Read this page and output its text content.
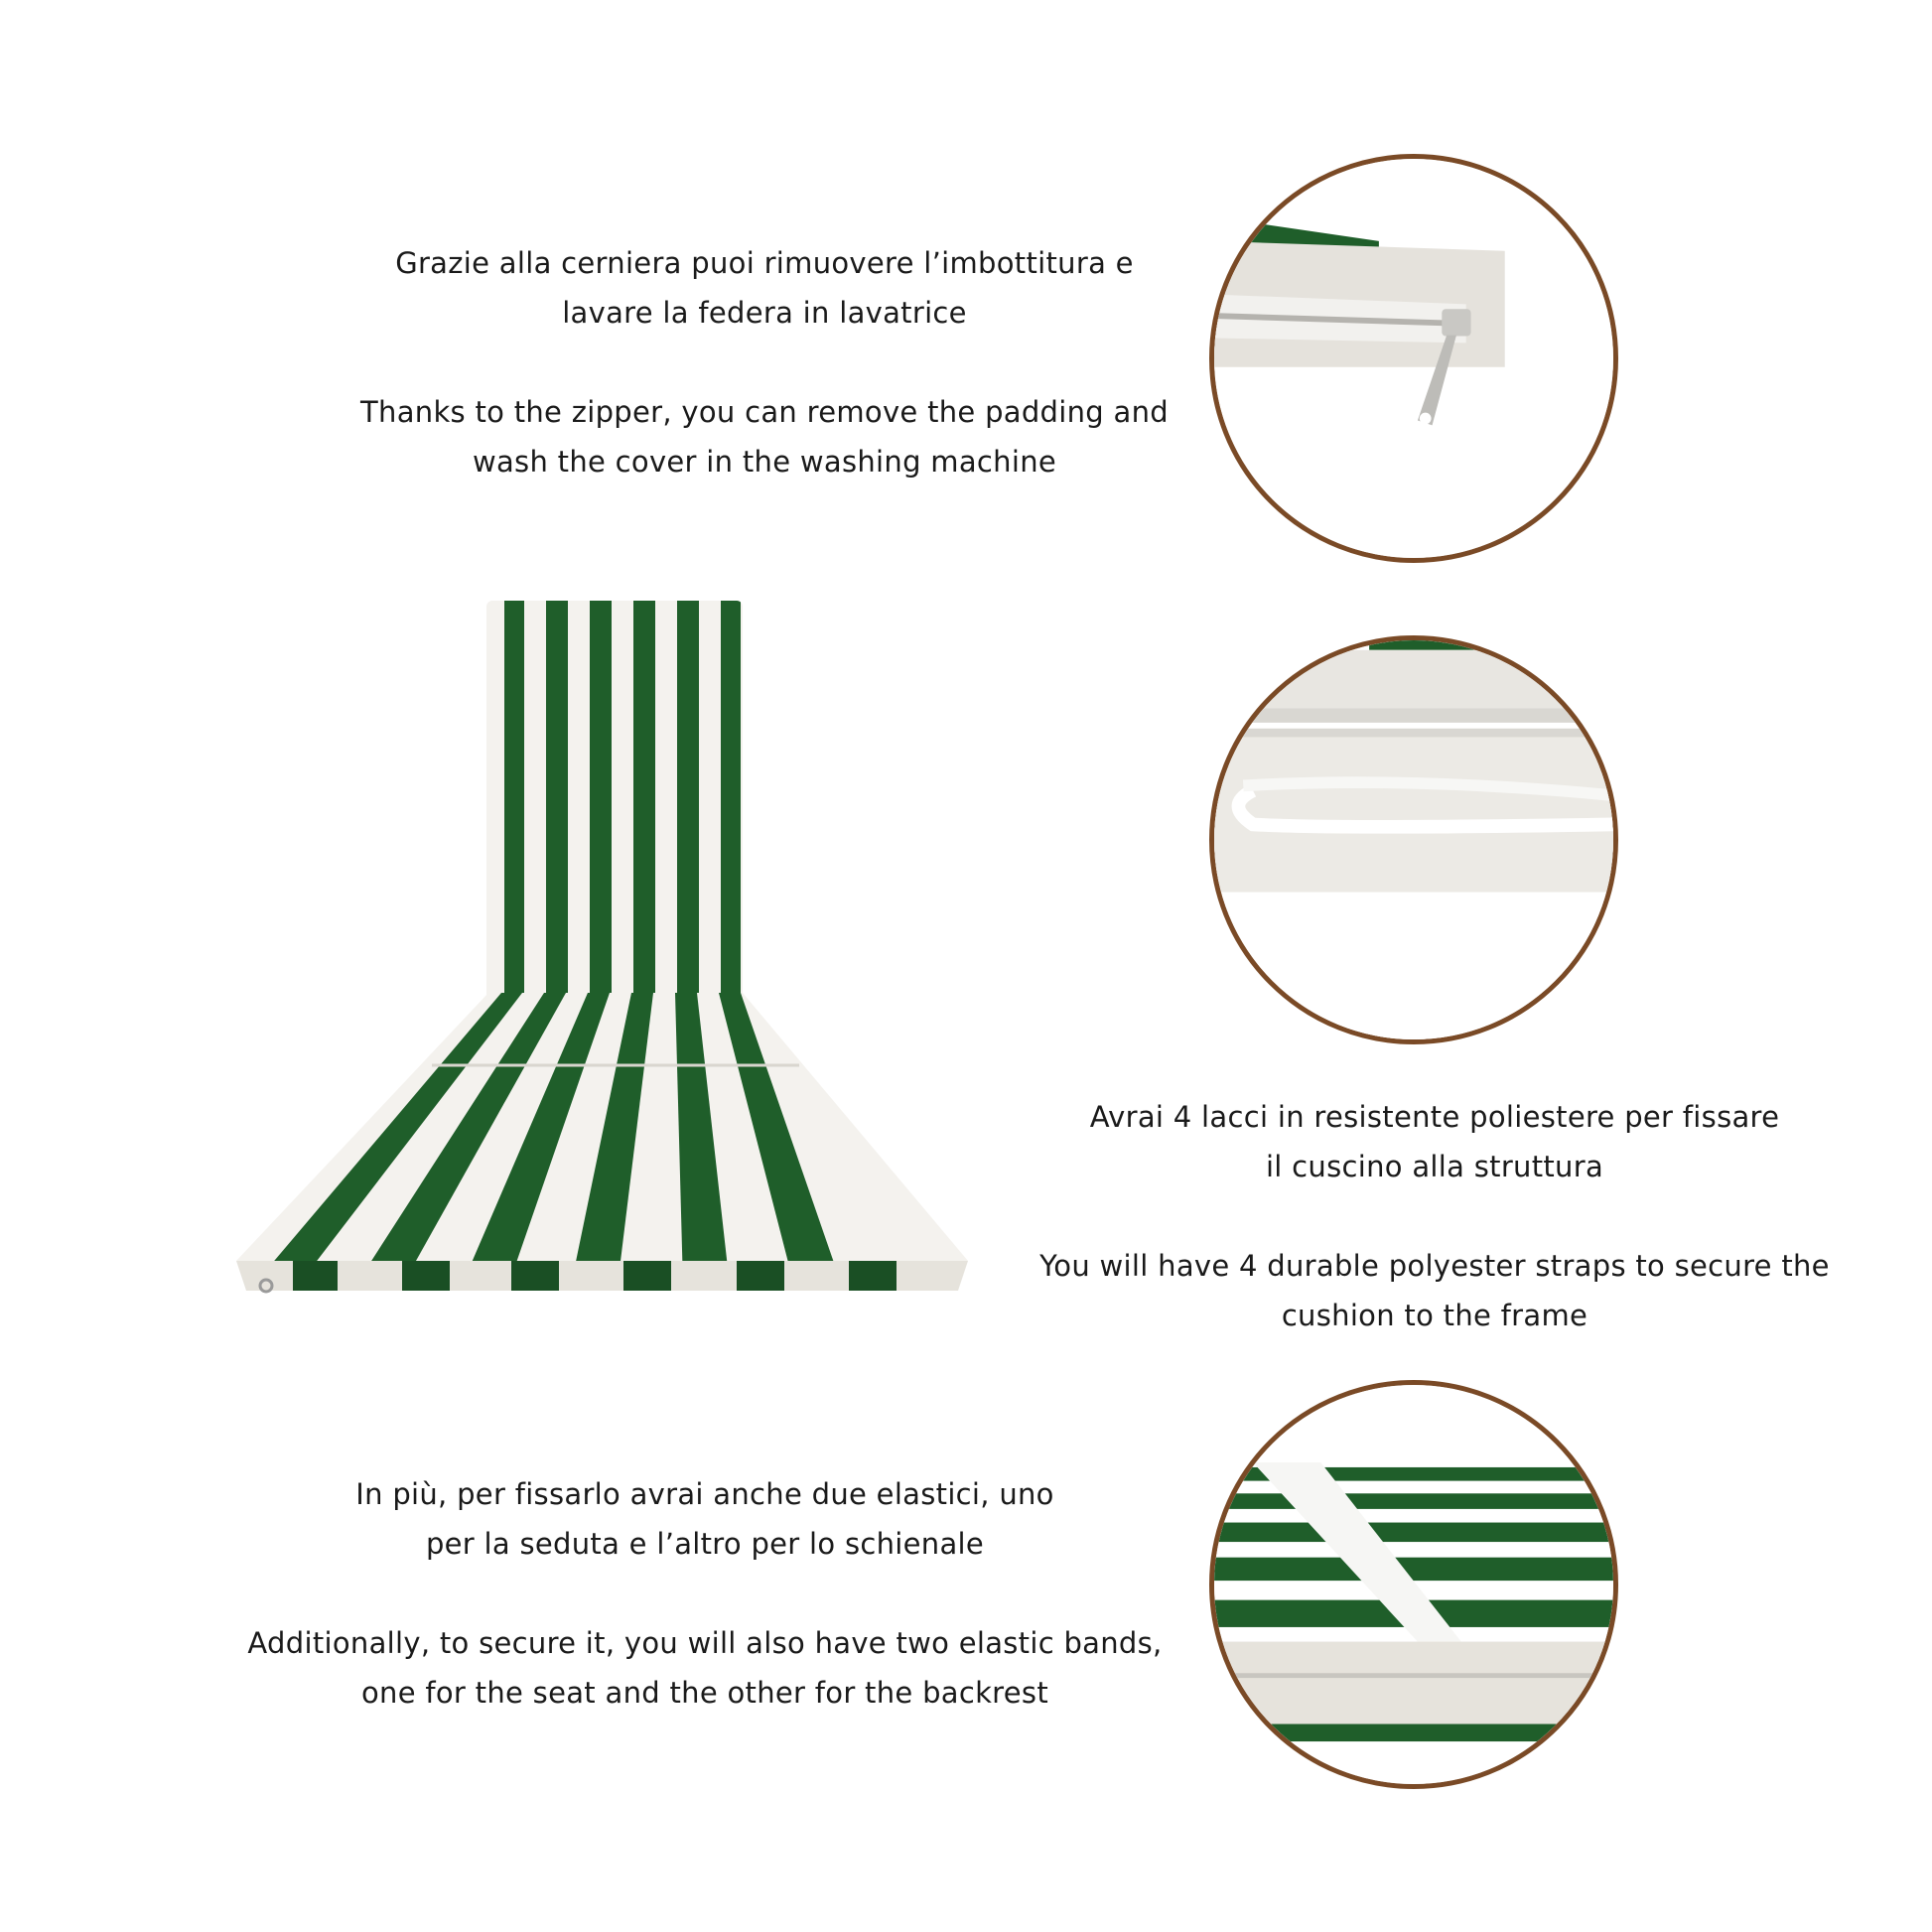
Grazie alla cerniera puoi rimuovere l’imbottitura e

lavare la federa in lavatrice

Thanks to the zipper, you can remove the padding and

wash the cover in the washing machine

Avrai 4 lacci in resistente poliestere per fissare

il cuscino alla struttura

You will have 4 durable polyester straps to secure the

cushion to the frame

In più, per fissarlo avrai anche due elastici, uno

per la seduta e l’altro per lo schienale

Additionally, to secure it, you will also have two elastic bands,

one for the seat and the other for the backrest
